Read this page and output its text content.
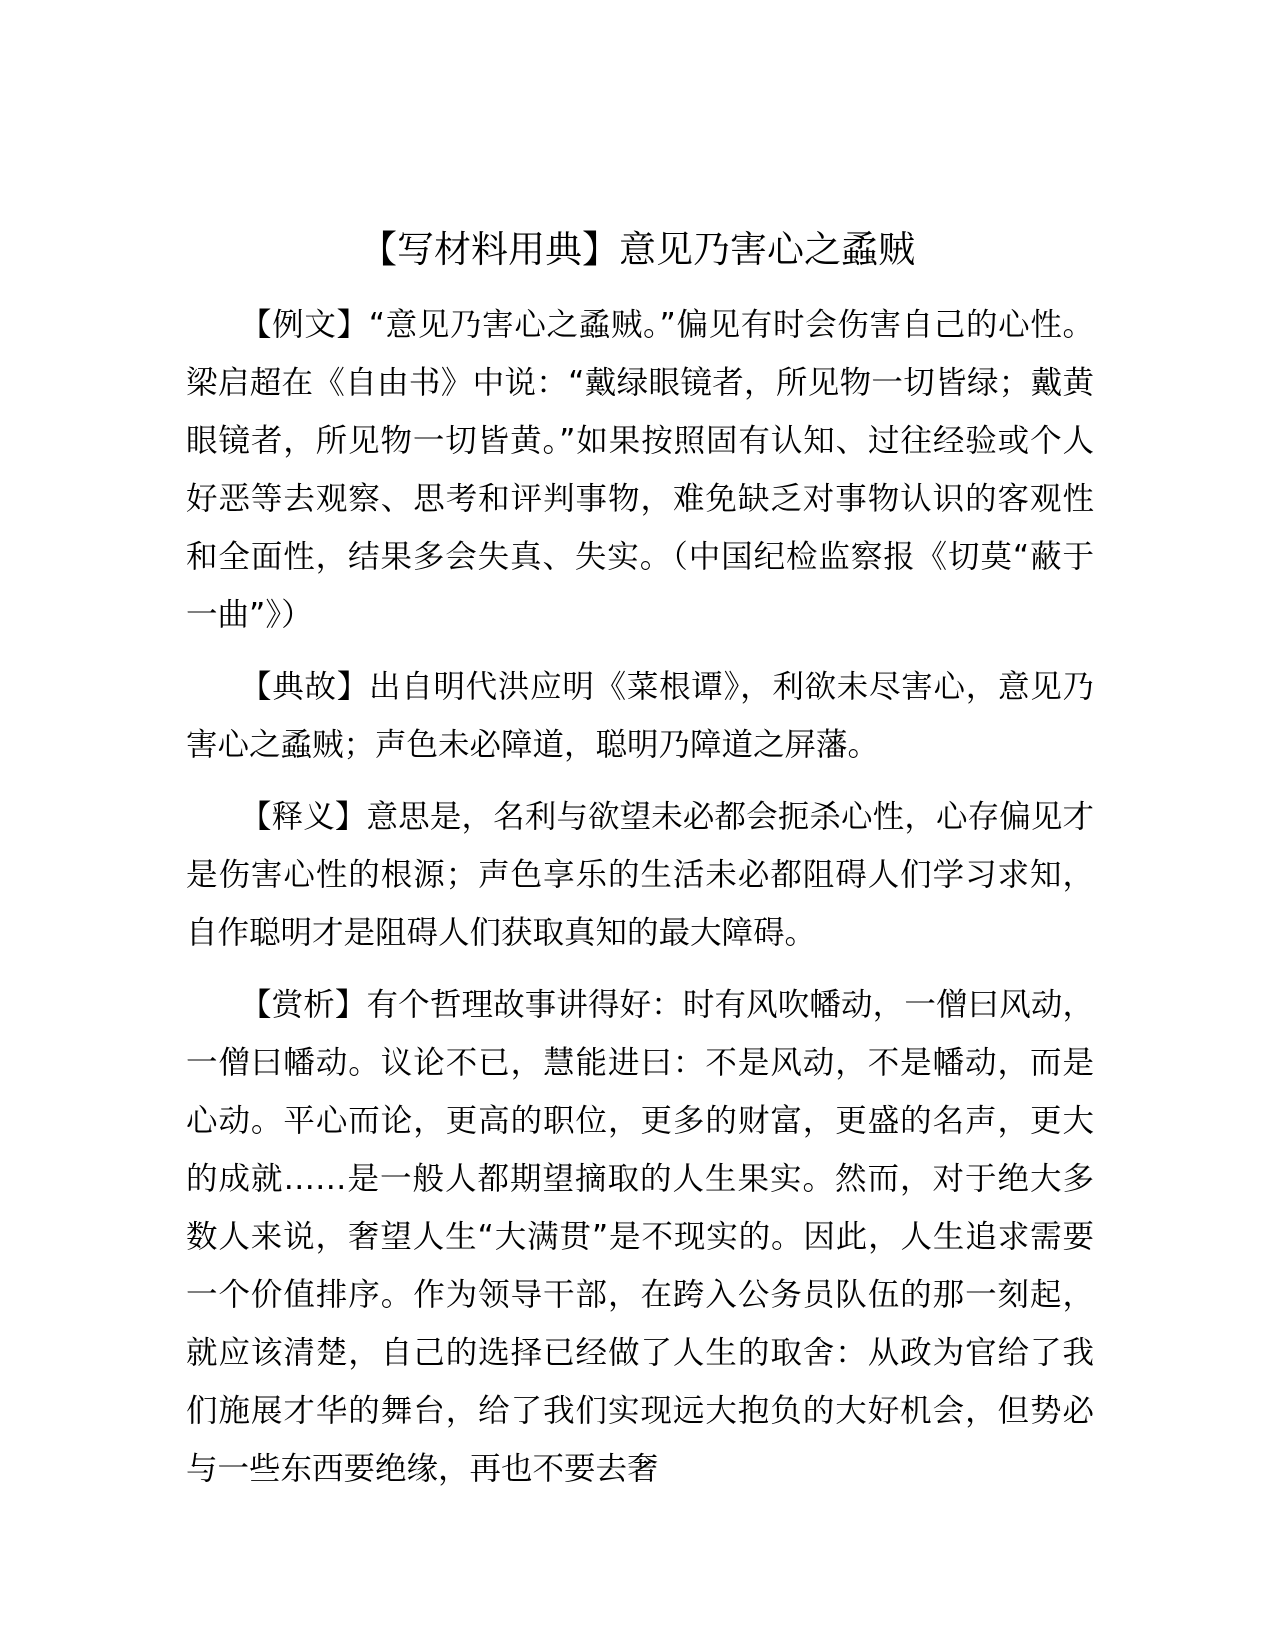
【写材料用典】意见乃害心之蟊贼

【例文】“意见乃害心之蟊贼。”偏见有时会伤害自己的心性。梁启超在《自由书》中说：“戴绿眼镜者，所见物一切皆绿；戴黄眼镜者，所见物一切皆黄。”如果按照固有认知、过往经验或个人好恶等去观察、思考和评判事物，难免缺乏对事物认识的客观性和全面性，结果多会失真、失实。（中国纪检监察报《切莫“蔽于一曲”》）

【典故】出自明代洪应明《菜根谭》，利欲未尽害心，意见乃害心之蟊贼；声色未必障道，聪明乃障道之屏藩。

【释义】意思是，名利与欲望未必都会扼杀心性，心存偏见才是伤害心性的根源；声色享乐的生活未必都阻碍人们学习求知，自作聪明才是阻碍人们获取真知的最大障碍。

【赏析】有个哲理故事讲得好：时有风吹幡动，一僧曰风动，一僧曰幡动。议论不已，慧能进曰：不是风动，不是幡动，而是心动。平心而论，更高的职位，更多的财富，更盛的名声，更大的成就……是一般人都期望摘取的人生果实。然而，对于绝大多数人来说，奢望人生“大满贯”是不现实的。因此，人生追求需要一个价值排序。作为领导干部，在跨入公务员队伍的那一刻起，就应该清楚，自己的选择已经做了人生的取舍：从政为官给了我们施展才华的舞台，给了我们实现远大抱负的大好机会，但势必与一些东西要绝缘，再也不要去奢
